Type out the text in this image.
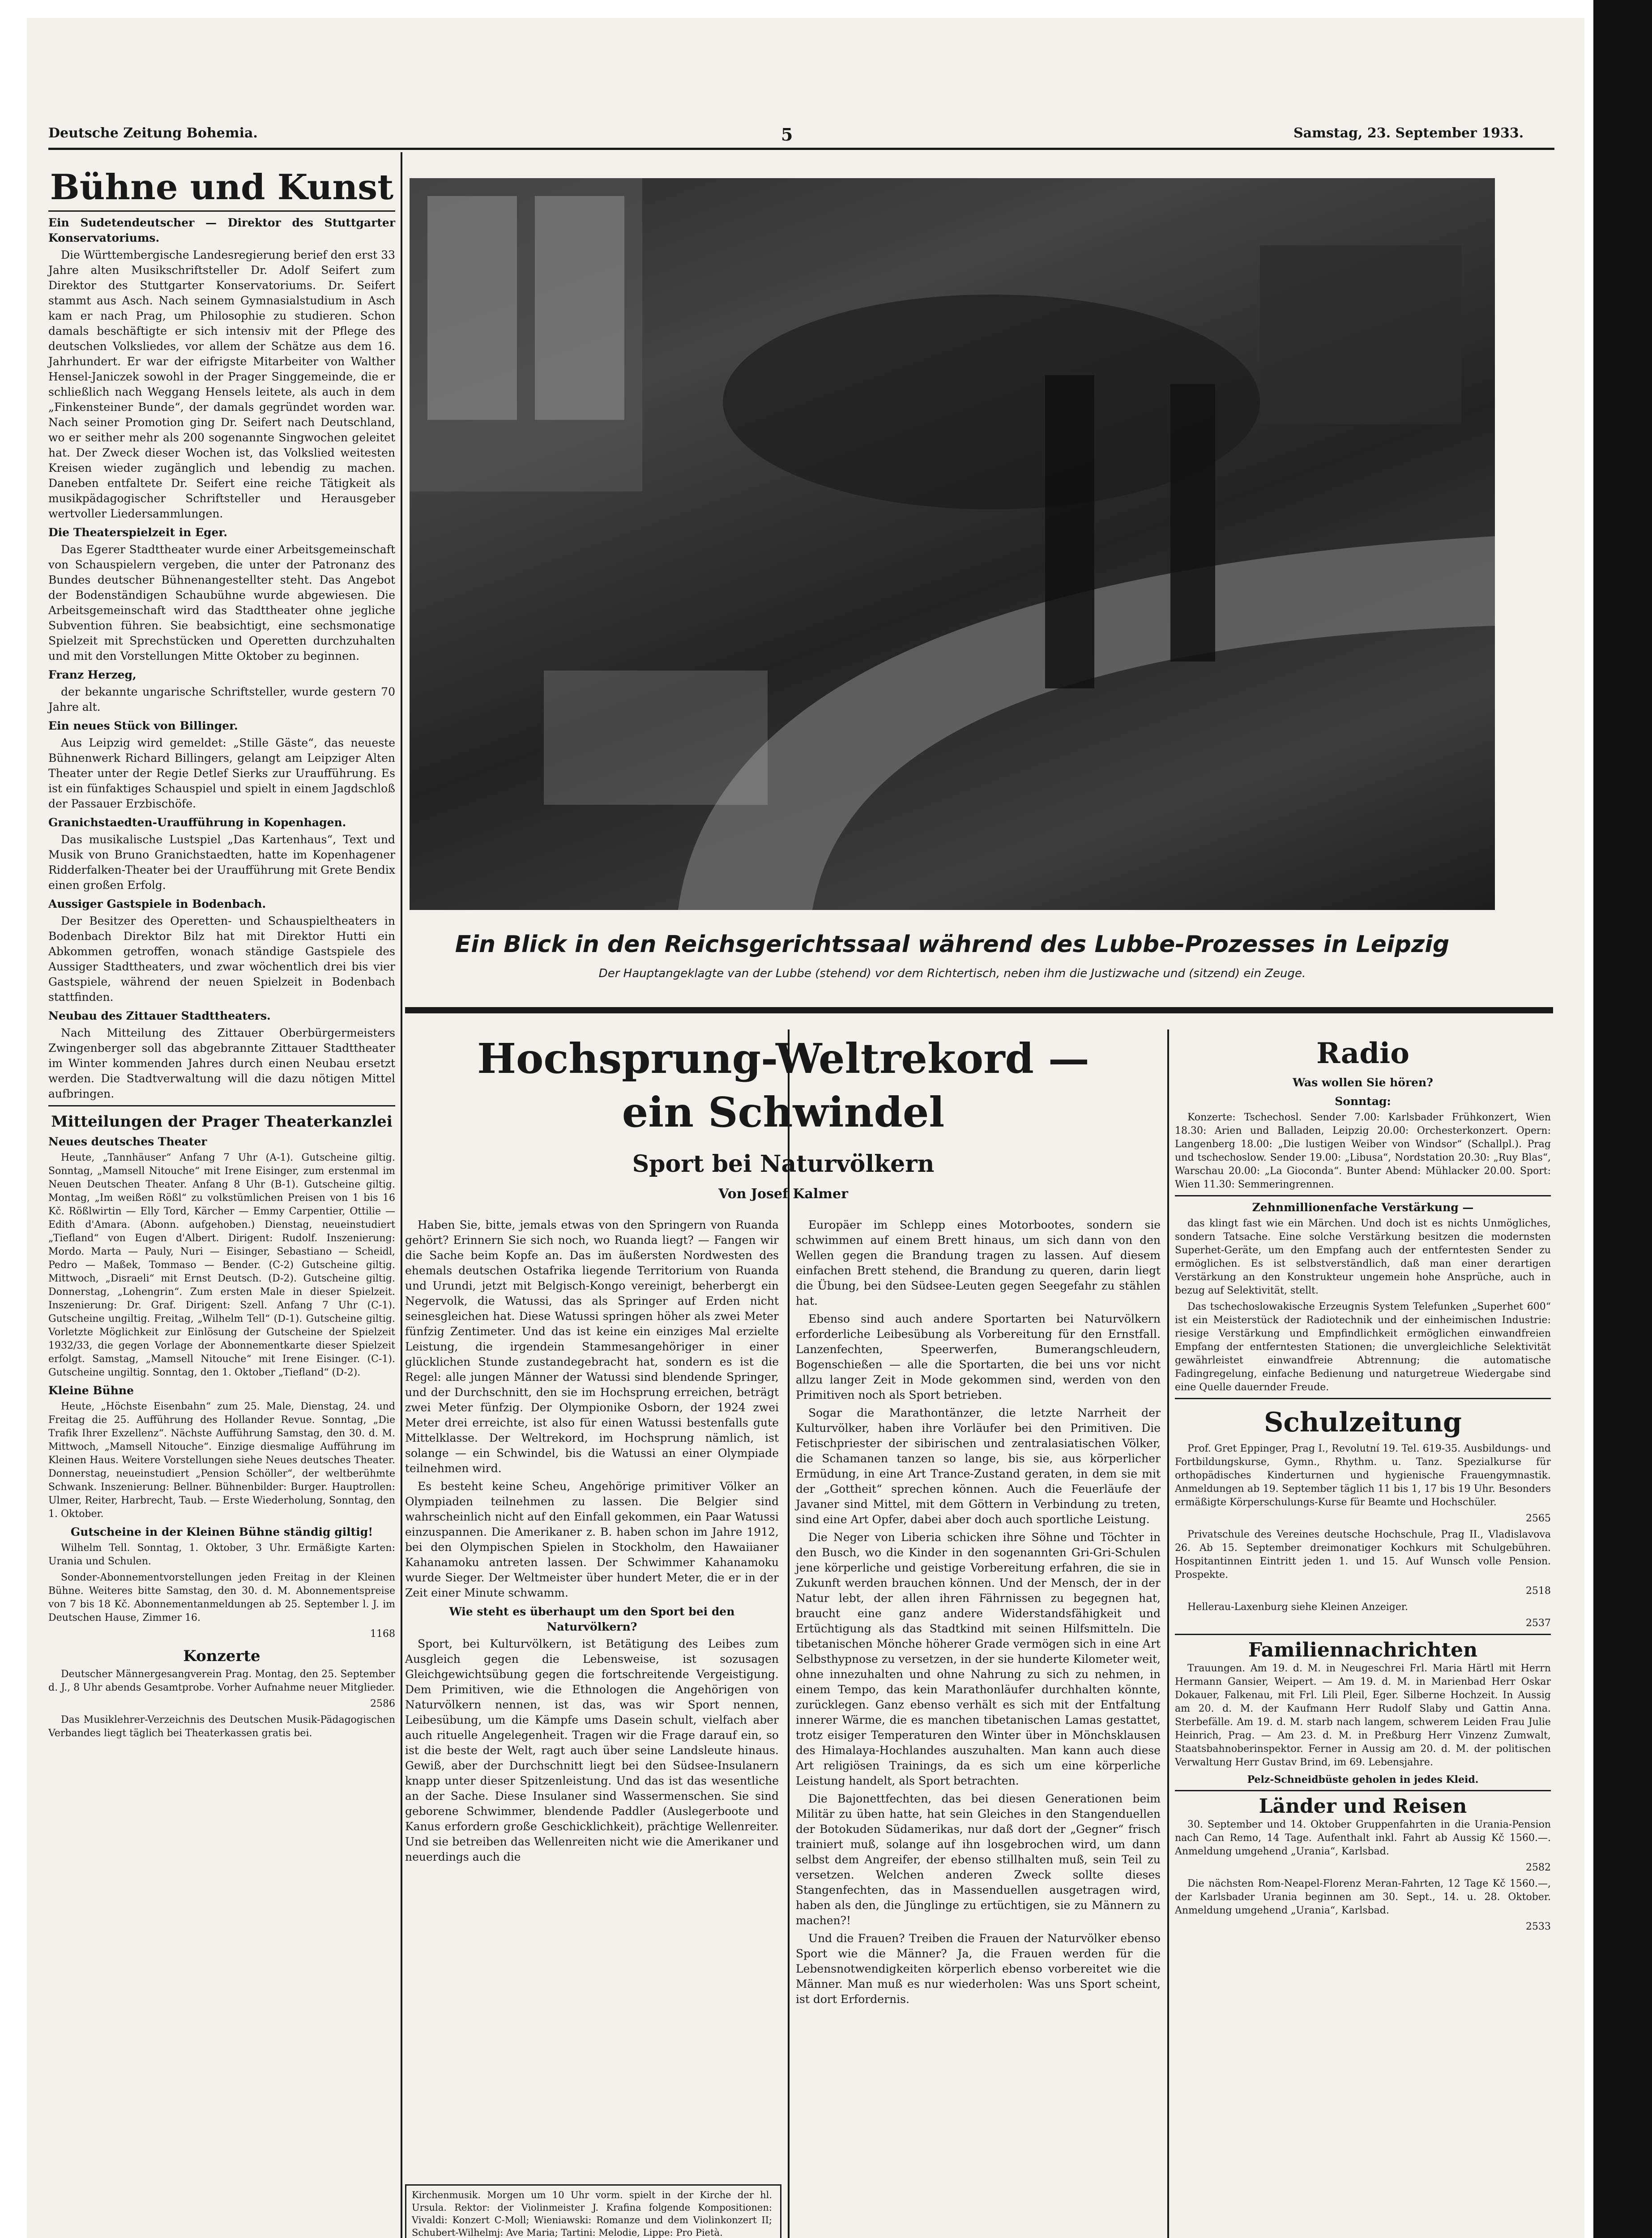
Deutsche Zeitung Bohemia.	5	Samstag, 23. September 1933.
Bühne und Kunst

Ein Sudetendeutscher — Direktor des Stuttgarter Konservatoriums.

Die Württembergische Landesregierung berief den erst 33 Jahre alten Musikschriftsteller Dr. Adolf Seifert zum Direktor des Stuttgarter Konservatoriums. Dr. Seifert stammt aus Asch. Nach seinem Gymnasialstudium in Asch kam er nach Prag, um Philosophie zu studieren. Schon damals beschäftigte er sich intensiv mit der Pflege des deutschen Volksliedes, vor allem der Schätze aus dem 16. Jahrhundert. Er war der eifrigste Mitarbeiter von Walther Hensel-Janiczek sowohl in der Prager Singgemeinde, die er schließlich nach Weggang Hensels leitete, als auch in dem „Finkensteiner Bunde“, der damals gegründet worden war. Nach seiner Promotion ging Dr. Seifert nach Deutschland, wo er seither mehr als 200 sogenannte Singwochen geleitet hat. Der Zweck dieser Wochen ist, das Volkslied weitesten Kreisen wieder zugänglich und lebendig zu machen. Daneben entfaltete Dr. Seifert eine reiche Tätigkeit als musikpädagogischer Schriftsteller und Herausgeber wertvoller Liedersammlungen.

Die Theaterspielzeit in Eger.

Das Egerer Stadttheater wurde einer Arbeitsgemeinschaft von Schauspielern vergeben, die unter der Patronanz des Bundes deutscher Bühnenangestellter steht. Das Angebot der Bodenständigen Schaubühne wurde abgewiesen. Die Arbeitsgemeinschaft wird das Stadttheater ohne jegliche Subvention führen. Sie beabsichtigt, eine sechsmonatige Spielzeit mit Sprechstücken und Operetten durchzuhalten und mit den Vorstellungen Mitte Oktober zu beginnen.

Franz Herzeg,

der bekannte ungarische Schriftsteller, wurde gestern 70 Jahre alt.

Ein neues Stück von Billinger.

Aus Leipzig wird gemeldet: „Stille Gäste“, das neueste Bühnenwerk Richard Billingers, gelangt am Leipziger Alten Theater unter der Regie Detlef Sierks zur Uraufführung. Es ist ein fünfaktiges Schauspiel und spielt in einem Jagdschloß der Passauer Erzbischöfe.

Granichstaedten-Uraufführung in Kopenhagen.

Das musikalische Lustspiel „Das Kartenhaus“, Text und Musik von Bruno Granichstaedten, hatte im Kopenhagener Ridderfalken-Theater bei der Uraufführung mit Grete Bendix einen großen Erfolg.

Aussiger Gastspiele in Bodenbach.

Der Besitzer des Operetten- und Schauspieltheaters in Bodenbach Direktor Bilz hat mit Direktor Hutti ein Abkommen getroffen, wonach ständige Gastspiele des Aussiger Stadttheaters, und zwar wöchentlich drei bis vier Gastspiele, während der neuen Spielzeit in Bodenbach stattfinden.

Neubau des Zittauer Stadttheaters.

Nach Mitteilung des Zittauer Oberbürgermeisters Zwingenberger soll das abgebrannte Zittauer Stadttheater im Winter kommenden Jahres durch einen Neubau ersetzt werden. Die Stadtverwaltung will die dazu nötigen Mittel aufbringen.

Mitteilungen der Prager Theaterkanzlei

Neues deutsches Theater

Heute, „Tannhäuser“ Anfang 7 Uhr (A-1). Gutscheine giltig. Sonntag, „Mamsell Nitouche“ mit Irene Eisinger, zum erstenmal im Neuen Deutschen Theater. Anfang 8 Uhr (B-1). Gutscheine giltig. Montag, „Im weißen Rößl“ zu volkstümlichen Preisen von 1 bis 16 Kč. Rößlwirtin — Elly Tord, Kärcher — Emmy Carpentier, Ottilie — Edith d'Amara. (Abonn. aufgehoben.) Dienstag, neueinstudiert „Tiefland“ von Eugen d'Albert. Dirigent: Rudolf. Inszenierung: Mordo. Marta — Pauly, Nuri — Eisinger, Sebastiano — Scheidl, Pedro — Maßek, Tommaso — Bender. (C-2) Gutscheine giltig. Mittwoch, „Disraeli“ mit Ernst Deutsch. (D-2). Gutscheine giltig. Donnerstag, „Lohengrin“. Zum ersten Male in dieser Spielzeit. Inszenierung: Dr. Graf. Dirigent: Szell. Anfang 7 Uhr (C-1). Gutscheine ungiltig. Freitag, „Wilhelm Tell“ (D-1). Gutscheine giltig. Vorletzte Möglichkeit zur Einlösung der Gutscheine der Spielzeit 1932/33, die gegen Vorlage der Abonnementkarte dieser Spielzeit erfolgt. Samstag, „Mamsell Nitouche“ mit Irene Eisinger. (C-1). Gutscheine ungiltig. Sonntag, den 1. Oktober „Tiefland“ (D-2).

Kleine Bühne

Heute, „Höchste Eisenbahn“ zum 25. Male, Dienstag, 24. und Freitag die 25. Aufführung des Hollander Revue. Sonntag, „Die Trafik Ihrer Exzellenz“. Nächste Aufführung Samstag, den 30. d. M. Mittwoch, „Mamsell Nitouche“. Einzige diesmalige Aufführung im Kleinen Haus. Weitere Vorstellungen siehe Neues deutsches Theater. Donnerstag, neueinstudiert „Pension Schöller“, der weltberühmte Schwank. Inszenierung: Bellner. Bühnenbilder: Burger. Hauptrollen: Ulmer, Reiter, Harbrecht, Taub. — Erste Wiederholung, Sonntag, den 1. Oktober.

Gutscheine in der Kleinen Bühne ständig giltig!

Wilhelm Tell. Sonntag, 1. Oktober, 3 Uhr. Ermäßigte Karten: Urania und Schulen.

Sonder-Abonnementvorstellungen jeden Freitag in der Kleinen Bühne. Weiteres bitte Samstag, den 30. d. M. Abonnementspreise von 7 bis 18 Kč. Abonnementanmeldungen ab 25. September l. J. im Deutschen Hause, Zimmer 16.

1168

Konzerte

Deutscher Männergesangverein Prag. Montag, den 25. September d. J., 8 Uhr abends Gesamtprobe. Vorher Aufnahme neuer Mitglieder.

2586

Das Musiklehrer-Verzeichnis des Deutschen Musik-Pädagogischen Verbandes liegt täglich bei Theaterkassen gratis bei.

Ein Blick in den Reichsgerichtssaal während des Lubbe-Prozesses in Leipzig
Der Hauptangeklagte van der Lubbe (stehend) vor dem Richtertisch, neben ihm die Justizwache und (sitzend) ein Zeuge.
Hochsprung-Weltrekord —
ein Schwindel
Sport bei Naturvölkern
Von Josef Kalmer

Haben Sie, bitte, jemals etwas von den Springern von Ruanda gehört? Erinnern Sie sich noch, wo Ruanda liegt? — Fangen wir die Sache beim Kopfe an. Das im äußersten Nordwesten des ehemals deutschen Ostafrika liegende Territorium von Ruanda und Urundi, jetzt mit Belgisch-Kongo vereinigt, beherbergt ein Negervolk, die Watussi, das als Springer auf Erden nicht seinesgleichen hat. Diese Watussi springen höher als zwei Meter fünfzig Zentimeter. Und das ist keine ein einziges Mal erzielte Leistung, die irgendein Stammesangehöriger in einer glücklichen Stunde zustandegebracht hat, sondern es ist die Regel: alle jungen Männer der Watussi sind blendende Springer, und der Durchschnitt, den sie im Hochsprung erreichen, beträgt zwei Meter fünfzig. Der Olympionike Osborn, der 1924 zwei Meter drei erreichte, ist also für einen Watussi bestenfalls gute Mittelklasse. Der Weltrekord, im Hochsprung nämlich, ist solange — ein Schwindel, bis die Watussi an einer Olympiade teilnehmen wird.

Es besteht keine Scheu, Angehörige primitiver Völker an Olympiaden teilnehmen zu lassen. Die Belgier sind wahrscheinlich nicht auf den Einfall gekommen, ein Paar Watussi einzuspannen. Die Amerikaner z. B. haben schon im Jahre 1912, bei den Olympischen Spielen in Stockholm, den Hawaiianer Kahanamoku antreten lassen. Der Schwimmer Kahanamoku wurde Sieger. Der Weltmeister über hundert Meter, die er in der Zeit einer Minute schwamm.

Wie steht es überhaupt um den Sport bei den Naturvölkern?

Sport, bei Kulturvölkern, ist Betätigung des Leibes zum Ausgleich gegen die Lebensweise, ist sozusagen Gleichgewichtsübung gegen die fortschreitende Vergeistigung. Dem Primitiven, wie die Ethnologen die Angehörigen von Naturvölkern nennen, ist das, was wir Sport nennen, Leibesübung, um die Kämpfe ums Dasein schult, vielfach aber auch rituelle Angelegenheit. Tragen wir die Frage darauf ein, so ist die beste der Welt, ragt auch über seine Landsleute hinaus. Gewiß, aber der Durchschnitt liegt bei den Südsee-Insulanern knapp unter dieser Spitzenleistung. Und das ist das wesentliche an der Sache. Diese Insulaner sind Wassermenschen. Sie sind geborene Schwimmer, blendende Paddler (Auslegerboote und Kanus erfordern große Geschicklichkeit), prächtige Wellenreiter. Und sie betreiben das Wellenreiten nicht wie die Amerikaner und neuerdings auch die

Europäer im Schlepp eines Motorbootes, sondern sie schwimmen auf einem Brett hinaus, um sich dann von den Wellen gegen die Brandung tragen zu lassen. Auf diesem einfachen Brett stehend, die Brandung zu queren, darin liegt die Übung, bei den Südsee-Leuten gegen Seegefahr zu stählen hat.

Ebenso sind auch andere Sportarten bei Naturvölkern erforderliche Leibesübung als Vorbereitung für den Ernstfall. Lanzenfechten, Speerwerfen, Bumerangschleudern, Bogenschießen — alle die Sportarten, die bei uns vor nicht allzu langer Zeit in Mode gekommen sind, werden von den Primitiven noch als Sport betrieben.

Sogar die Marathontänzer, die letzte Narrheit der Kulturvölker, haben ihre Vorläufer bei den Primitiven. Die Fetischpriester der sibirischen und zentralasiatischen Völker, die Schamanen tanzen so lange, bis sie, aus körperlicher Ermüdung, in eine Art Trance-Zustand geraten, in dem sie mit der „Gottheit“ sprechen können. Auch die Feuerläufe der Javaner sind Mittel, mit dem Göttern in Verbindung zu treten, sind eine Art Opfer, dabei aber doch auch sportliche Leistung.

Die Neger von Liberia schicken ihre Söhne und Töchter in den Busch, wo die Kinder in den sogenannten Gri-Gri-Schulen jene körperliche und geistige Vorbereitung erfahren, die sie in Zukunft werden brauchen können. Und der Mensch, der in der Natur lebt, der allen ihren Fährnissen zu begegnen hat, braucht eine ganz andere Widerstandsfähigkeit und Ertüchtigung als das Stadtkind mit seinen Hilfsmitteln. Die tibetanischen Mönche höherer Grade vermögen sich in eine Art Selbsthypnose zu versetzen, in der sie hunderte Kilometer weit, ohne innezuhalten und ohne Nahrung zu sich zu nehmen, in einem Tempo, das kein Marathonläufer durchhalten könnte, zurücklegen. Ganz ebenso verhält es sich mit der Entfaltung innerer Wärme, die es manchen tibetanischen Lamas gestattet, trotz eisiger Temperaturen den Winter über in Mönchsklausen des Himalaya-Hochlandes auszuhalten. Man kann auch diese Art religiösen Trainings, da es sich um eine körperliche Leistung handelt, als Sport betrachten.

Die Bajonettfechten, das bei diesen Generationen beim Militär zu üben hatte, hat sein Gleiches in den Stangenduellen der Botokuden Südamerikas, nur daß dort der „Gegner“ frisch trainiert muß, solange auf ihn losgebrochen wird, um dann selbst dem Angreifer, der ebenso stillhalten muß, sein Teil zu versetzen. Welchen anderen Zweck sollte dieses Stangenfechten, das in Massenduellen ausgetragen wird, haben als den, die Jünglinge zu ertüchtigen, sie zu Männern zu machen?!

Und die Frauen? Treiben die Frauen der Naturvölker ebenso Sport wie die Männer? Ja, die Frauen werden für die Lebensnotwendigkeiten körperlich ebenso vorbereitet wie die Männer. Man muß es nur wiederholen: Was uns Sport scheint, ist dort Erfordernis.

Kirchenmusik. Morgen um 10 Uhr vorm. spielt in der Kirche der hl. Ursula. Rektor: der Violinmeister J. Krafina folgende Kompositionen: Vivaldi: Konzert C-Moll; Wieniawski: Romanze und dem Violinkonzert II; Schubert-Wilhelmj: Ave Maria; Tartini: Melodie, Lippe: Pro Pietà.
Radio

Was wollen Sie hören?

Sonntag:

Konzerte: Tschechosl. Sender 7.00: Karlsbader Frühkonzert, Wien 18.30: Arien und Balladen, Leipzig 20.00: Orchesterkonzert. Opern: Langenberg 18.00: „Die lustigen Weiber von Windsor“ (Schallpl.). Prag und tschechoslow. Sender 19.00: „Libusa“, Nordstation 20.30: „Ruy Blas“, Warschau 20.00: „La Gioconda“. Bunter Abend: Mühlacker 20.00. Sport: Wien 11.30: Semmeringrennen.

Zehnmillionenfache Verstärkung —

das klingt fast wie ein Märchen. Und doch ist es nichts Unmögliches, sondern Tatsache. Eine solche Verstärkung besitzen die modernsten Superhet-Geräte, um den Empfang auch der entferntesten Sender zu ermöglichen. Es ist selbstverständlich, daß man einer derartigen Verstärkung an den Konstrukteur ungemein hohe Ansprüche, auch in bezug auf Selektivität, stellt.

Das tschechoslowakische Erzeugnis System Telefunken „Superhet 600“ ist ein Meisterstück der Radiotechnik und der einheimischen Industrie: riesige Verstärkung und Empfindlichkeit ermöglichen einwandfreien Empfang der entferntesten Stationen; die unvergleichliche Selektivität gewährleistet einwandfreie Abtrennung; die automatische Fadingregelung, einfache Bedienung und naturgetreue Wiedergabe sind eine Quelle dauernder Freude.

Schulzeitung

Prof. Gret Eppinger, Prag I., Revolutní 19. Tel. 619-35. Ausbildungs- und Fortbildungskurse, Gymn., Rhythm. u. Tanz. Spezialkurse für orthopädisches Kinderturnen und hygienische Frauengymnastik. Anmeldungen ab 19. September täglich 11 bis 1, 17 bis 19 Uhr. Besonders ermäßigte Körperschulungs-Kurse für Beamte und Hochschüler.

2565

Privatschule des Vereines deutsche Hochschule, Prag II., Vladislavova 26. Ab 15. September dreimonatiger Kochkurs mit Schulgebühren. Hospitantinnen Eintritt jeden 1. und 15. Auf Wunsch volle Pension. Prospekte.

2518

Hellerau-Laxenburg siehe Kleinen Anzeiger.

2537

Familiennachrichten

Trauungen. Am 19. d. M. in Neugeschrei Frl. Maria Härtl mit Herrn Hermann Gansier, Weipert. — Am 19. d. M. in Marienbad Herr Oskar Dokauer, Falkenau, mit Frl. Lili Pleil, Eger. Silberne Hochzeit. In Aussig am 20. d. M. der Kaufmann Herr Rudolf Slaby und Gattin Anna. Sterbefälle. Am 19. d. M. starb nach langem, schwerem Leiden Frau Julie Heinrich, Prag. — Am 23. d. M. in Preßburg Herr Vinzenz Zumwalt, Staatsbahnoberinspektor. Ferner in Aussig am 20. d. M. der politischen Verwaltung Herr Gustav Brind, im 69. Lebensjahre.

Pelz-Schneidbüste geholen in jedes Kleid.

Länder und Reisen

30. September und 14. Oktober Gruppenfahrten in die Urania-Pension nach Can Remo, 14 Tage. Aufenthalt inkl. Fahrt ab Aussig Kč 1560.—. Anmeldung umgehend „Urania“, Karlsbad.

2582

Die nächsten Rom-Neapel-Florenz Meran-Fahrten, 12 Tage Kč 1560.—, der Karlsbader Urania beginnen am 30. Sept., 14. u. 28. Oktober. Anmeldung umgehend „Urania“, Karlsbad.

2533
